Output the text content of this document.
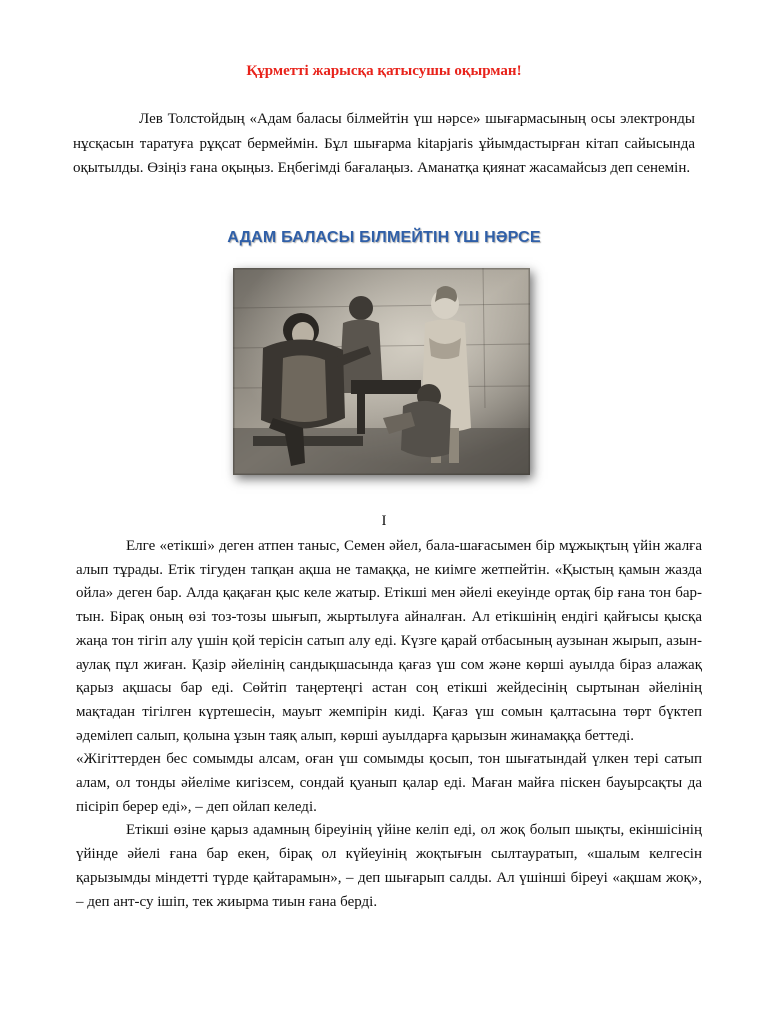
Құрметті жарысқа қатысушы оқырман!

Лев Толстойдың «Адам баласы білмейтін үш нәрсе» шығармасының осы электронды нұсқасын таратуға рұқсат бермеймін. Бұл шығарма kitapjaris ұйымдастырған кітап сайысында оқытылды. Өзіңіз ғана оқыңыз. Еңбегімді бағалаңыз. Аманатқа қиянат жасамайсыз деп сенемін.

АДАМ БАЛАСЫ БІЛМЕЙТІН ҮШ НӘРСЕ
I

Елге «етікші» деген атпен таныс, Семен әйел, бала-шағасымен бір мұжықтың үйін жалға алып тұрады. Етік тігуден тапқан ақша не тамаққа, не киімге жетпейтін. «Қыстың қамын жазда ойла» деген бар. Алда қақаған қыс келе жатыр. Етікші мен әйелі екеуінде ортақ бір ғана тон бар-тын. Бірақ оның өзі тоз-тозы шығып, жыртылуға айналған. Ал етікшінің ендігі қайғысы қысқа жаңа тон тігіп алу үшін қой терісін сатып алу еді. Күзге қарай отбасының аузынан жырып, азын-аулақ пұл жиған. Қазір әйелінің сандықшасында қағаз үш сом және көрші ауылда біраз алажақ қарыз ақшасы бар еді. Сөйтіп таңертеңгі астан соң етікші жейдесінің сыртынан әйелінің мақтадан тігілген күртешесін, мауыт жемпірін киді. Қағаз үш сомын қалтасына төрт бүктеп әдемілеп салып, қолына ұзын таяқ алып, көрші ауылдарға қарызын жинамаққа беттеді.

«Жігіттерден бес сомымды алсам, оған үш сомымды қосып, тон шығатындай үлкен тері сатып алам, ол тонды әйеліме кигізсем, сондай қуанып қалар еді. Маған майға піскен бауырсақты да пісіріп берер еді», – деп ойлап келеді.

Етікші өзіне қарыз адамның біреуінің үйіне келіп еді, ол жоқ болып шықты, екіншісінің үйінде әйелі ғана бар екен, бірақ ол күйеуінің жоқтығын сылтауратып, «шалым келгесін қарызымды міндетті түрде қайтарамын», – деп шығарып салды. Ал үшінші біреуі «ақшам жоқ», – деп ант-су ішіп, тек жиырма тиын ғана берді.
